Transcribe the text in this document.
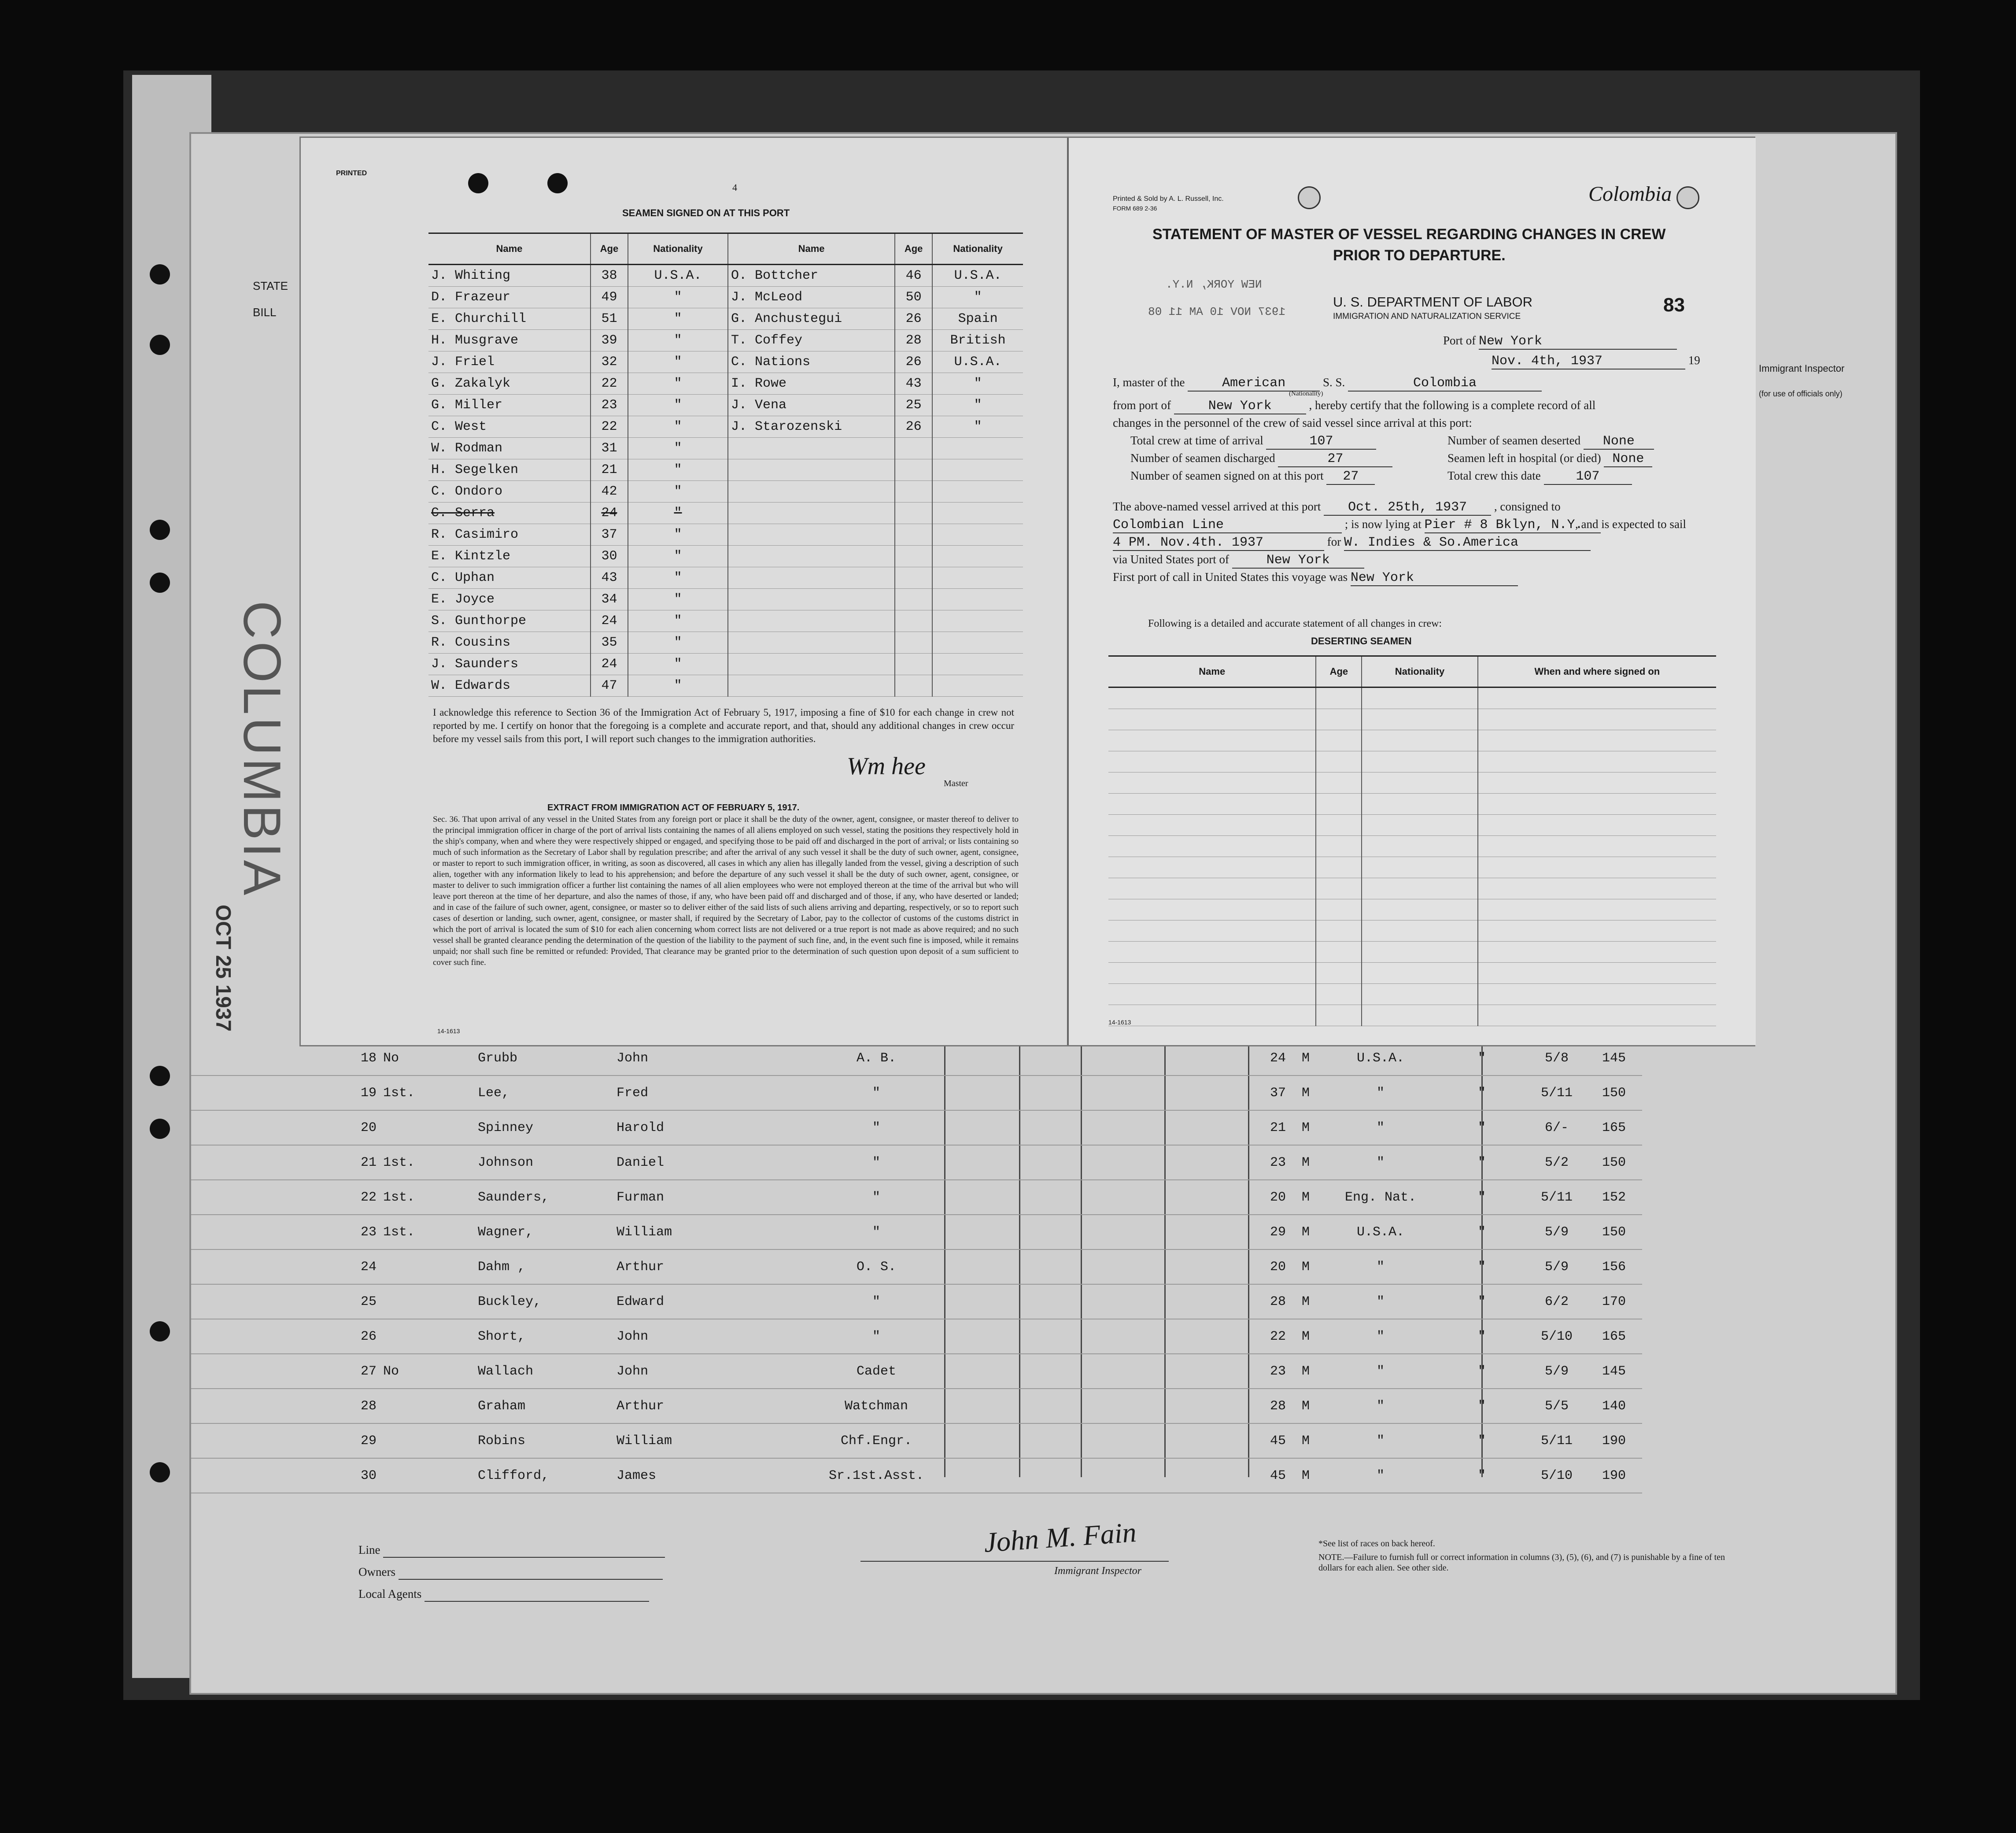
STATE
BILL
Immigrant Inspector
(for use of officials only)
COLUMBIA
OCT 25 1937
18	No	Grubb	John	A. B.	24	M	U.S.A.	"	5/8	145
19	1st.	Lee,	Fred	"	37	M	"	"	5/11	150
20		Spinney	Harold	"	21	M	"	"	6/-	165
21	1st.	Johnson	Daniel	"	23	M	"	"	5/2	150
22	1st.	Saunders,	Furman	"	20	M	Eng. Nat.	"	5/11	152
23	1st.	Wagner,	William	"	29	M	U.S.A.	"	5/9	150
24		Dahm ,	Arthur	O. S.	20	M	"	"	5/9	156
25		Buckley,	Edward	"	28	M	"	"	6/2	170
26		Short,	John	"	22	M	"	"	5/10	165
27	No	Wallach	John	Cadet	23	M	"	"	5/9	145
28		Graham	Arthur	Watchman	28	M	"	"	5/5	140
29		Robins	William	Chf.Engr.	45	M	"	"	5/11	190
30		Clifford,	James	Sr.1st.Asst.	45	M	"	"	5/10	190
Line
Owners
Local Agents
John M. Fain
Immigrant Inspector
*See list of races on back hereof.
NOTE.—Failure to furnish full or correct information in columns (3), (5), (6), and (7) is punishable by a fine of ten dollars for each alien. See other side.
PRINTED
4
SEAMEN SIGNED ON AT THIS PORT
Name	Age	Nationality	Name	Age	Nationality
J. Whiting	38	U.S.A.	O. Bottcher	46	U.S.A.
D. Frazeur	49	"	J. McLeod	50	"
E. Churchill	51	"	G. Anchustegui	26	Spain
H. Musgrave	39	"	T. Coffey	28	British
J. Friel	32	"	C. Nations	26	U.S.A.
G. Zakalyk	22	"	I. Rowe	43	"
G. Miller	23	"	J. Vena	25	"
C. West	22	"	J. Starozenski	26	"
W. Rodman	31	"			
H. Segelken	21	"			
C. Ondoro	42	"			
C. Serra	24	"			
R. Casimiro	37	"			
E. Kintzle	30	"			
C. Uphan	43	"			
E. Joyce	34	"			
S. Gunthorpe	24	"			
R. Cousins	35	"			
J. Saunders	24	"			
W. Edwards	47	"			
I acknowledge this reference to Section 36 of the Immigration Act of February 5, 1917, imposing a fine of $10 for each change in crew not reported by me. I certify on honor that the foregoing is a complete and accurate report, and that, should any additional changes in crew occur before my vessel sails from this port, I will report such changes to the immigration authorities.
Wm hee
Master
EXTRACT FROM IMMIGRATION ACT OF FEBRUARY 5, 1917.
Sec. 36. That upon arrival of any vessel in the United States from any foreign port or place it shall be the duty of the owner, agent, consignee, or master thereof to deliver to the principal immigration officer in charge of the port of arrival lists containing the names of all aliens employed on such vessel, stating the positions they respectively hold in the ship's company, when and where they were respectively shipped or engaged, and specifying those to be paid off and discharged in the port of arrival; or lists containing so much of such information as the Secretary of Labor shall by regulation prescribe; and after the arrival of any such vessel it shall be the duty of such owner, agent, consignee, or master to report to such immigration officer, in writing, as soon as discovered, all cases in which any alien has illegally landed from the vessel, giving a description of such alien, together with any information likely to lead to his apprehension; and before the departure of any such vessel it shall be the duty of such owner, agent, consignee, or master to deliver to such immigration officer a further list containing the names of all alien employees who were not employed thereon at the time of the arrival but who will leave port thereon at the time of her departure, and also the names of those, if any, who have been paid off and discharged and of those, if any, who have deserted or landed; and in case of the failure of such owner, agent, consignee, or master so to deliver either of the said lists of such aliens arriving and departing, respectively, or so to report such cases of desertion or landing, such owner, agent, consignee, or master shall, if required by the Secretary of Labor, pay to the collector of customs of the customs district in which the port of arrival is located the sum of $10 for each alien concerning whom correct lists are not delivered or a true report is not made as above required; and no such vessel shall be granted clearance pending the determination of the question of the liability to the payment of such fine, and, in the event such fine is imposed, while it remains unpaid; nor shall such fine be remitted or refunded: Provided, That clearance may be granted prior to the determination of such question upon deposit of a sum sufficient to cover such fine.
14-1613
Printed & Sold by A. L. Russell, Inc.
FORM 689 2-36
Colombia
STATEMENT OF MASTER OF VESSEL REGARDING CHANGES IN CREW
PRIOR TO DEPARTURE.
NEW YORK, N.Y.
1937 NOV 10 AM 11 08
U. S. DEPARTMENT OF LABOR
IMMIGRATION AND NATURALIZATION SERVICE
83
Port of New York
Nov. 4th, 1937	19
I, master of the	American	S. S.	Colombia
(Nationality)
from port of	New York	, hereby certify that the following is a complete record of all
changes in the personnel of the crew of said vessel since arrival at this port:
Total crew at time of arrival	107	Number of seamen deserted None
Number of seamen discharged	27	Seamen left in hospital (or died) None
Number of seamen signed on at this port 27	Total crew this date	107
The above-named vessel arrived at this port Oct. 25th, 1937 , consigned to
Colombian Line	; is now lying at Pier # 8 Bklyn, N.Y.
, and is expected to sail
4 PM. Nov.4th. 1937	for W. Indies & So.America
via United States port of	New York
First port of call in United States this voyage was New York
Following is a detailed and accurate statement of all changes in crew:
DESERTING SEAMEN
Name	Age	Nationality	When and where signed on

14-1613
